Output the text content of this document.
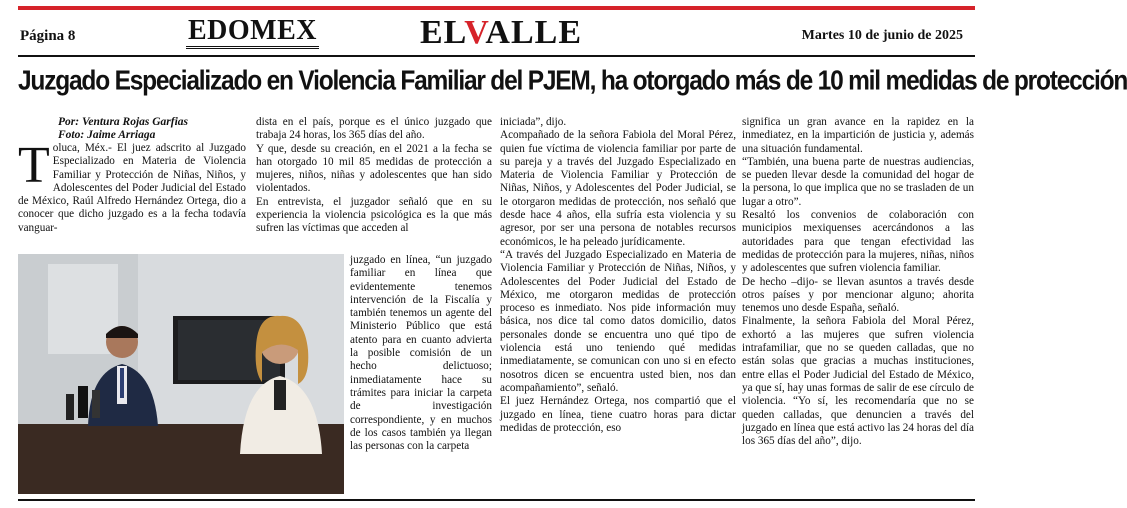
Página 8	EDOMEX	ELVALLE	Martes 10 de junio de 2025
Juzgado Especializado en Violencia Familiar del PJEM, ha otorgado más de 10 mil medidas de protección
Por: Ventura Rojas Garfias
Foto: Jaime Arriaga

Toluca, Méx.- El juez adscrito al Juzgado Especializado en Materia de Violencia Familiar y Protección de Niñas, Niños, y Adolescentes del Poder Judicial del Estado de México, Raúl Alfredo Hernández Ortega, dio a conocer que dicho juzgado es a la fecha todavía vanguar-

dista en el país, porque es el único juzgado que trabaja 24 horas, los 365 días del año.

Y que, desde su creación, en el 2021 a la fecha se han otorgado 10 mil 85 medidas de protección a mujeres, niños, niñas y adolescentes que han sido violentados.

En entrevista, el juzgador señaló que en su experiencia la violencia psicológica es la que más sufren las víctimas que acceden al

juzgado en línea, “un juzgado familiar en línea que evidentemente tenemos intervención de la Fiscalía y también tenemos un agente del Ministerio Público que está atento para en cuanto advierta la posible comisión de un hecho delictuoso; inmediatamente hace su trámites para iniciar la carpeta de investigación correspondiente, y en muchos de los casos también ya llegan las personas con la carpeta

iniciada”, dijo.

Acompañado de la señora Fabiola del Moral Pérez, quien fue víctima de violencia familiar por parte de su pareja y a través del Juzgado Especializado en Materia de Violencia Familiar y Protección de Niñas, Niños, y Adolescentes del Poder Judicial, se le otorgaron medidas de protección, nos señaló que desde hace 4 años, ella sufría esta violencia y su agresor, por ser una persona de notables recursos económicos, le ha peleado jurídicamente.

“A través del Juzgado Especializado en Materia de Violencia Familiar y Protección de Niñas, Niños, y Adolescentes del Poder Judicial del Estado de México, me otorgaron medidas de protección proceso es inmediato. Nos pide información muy básica, nos dice tal como datos domicilio, datos personales donde se encuentra uno qué tipo de violencia está uno teniendo qué medidas inmediatamente, se comunican con uno si en efecto nosotros dicen se encuentra usted bien, nos dan acompañamiento”, señaló.

El juez Hernández Ortega, nos compartió que el juzgado en línea, tiene cuatro horas para dictar medidas de protección, eso

significa un gran avance en la rapidez en la inmediatez, en la impartición de justicia y, además una situación fundamental.

“También, una buena parte de nuestras audiencias, se pueden llevar desde la comunidad del hogar de la persona, lo que implica que no se trasladen de un lugar a otro”.

Resaltó los convenios de colaboración con municipios mexiquenses acercándonos a las autoridades para que tengan efectividad las medidas de protección para la mujeres, niñas, niños y adolescentes que sufren violencia familiar.

De hecho –dijo- se llevan asuntos a través desde otros países y por mencionar alguno; ahorita tenemos uno desde España, señaló.

Finalmente, la señora Fabiola del Moral Pérez, exhortó a las mujeres que sufren violencia intrafamiliar, que no se queden calladas, que no están solas que gracias a muchas instituciones, entre ellas el Poder Judicial del Estado de México, ya que sí, hay unas formas de salir de ese círculo de violencia. “Yo sí, les recomendaría que no se queden calladas, que denuncien a través del juzgado en línea que está activo las 24 horas del día los 365 días del año”, dijo.
